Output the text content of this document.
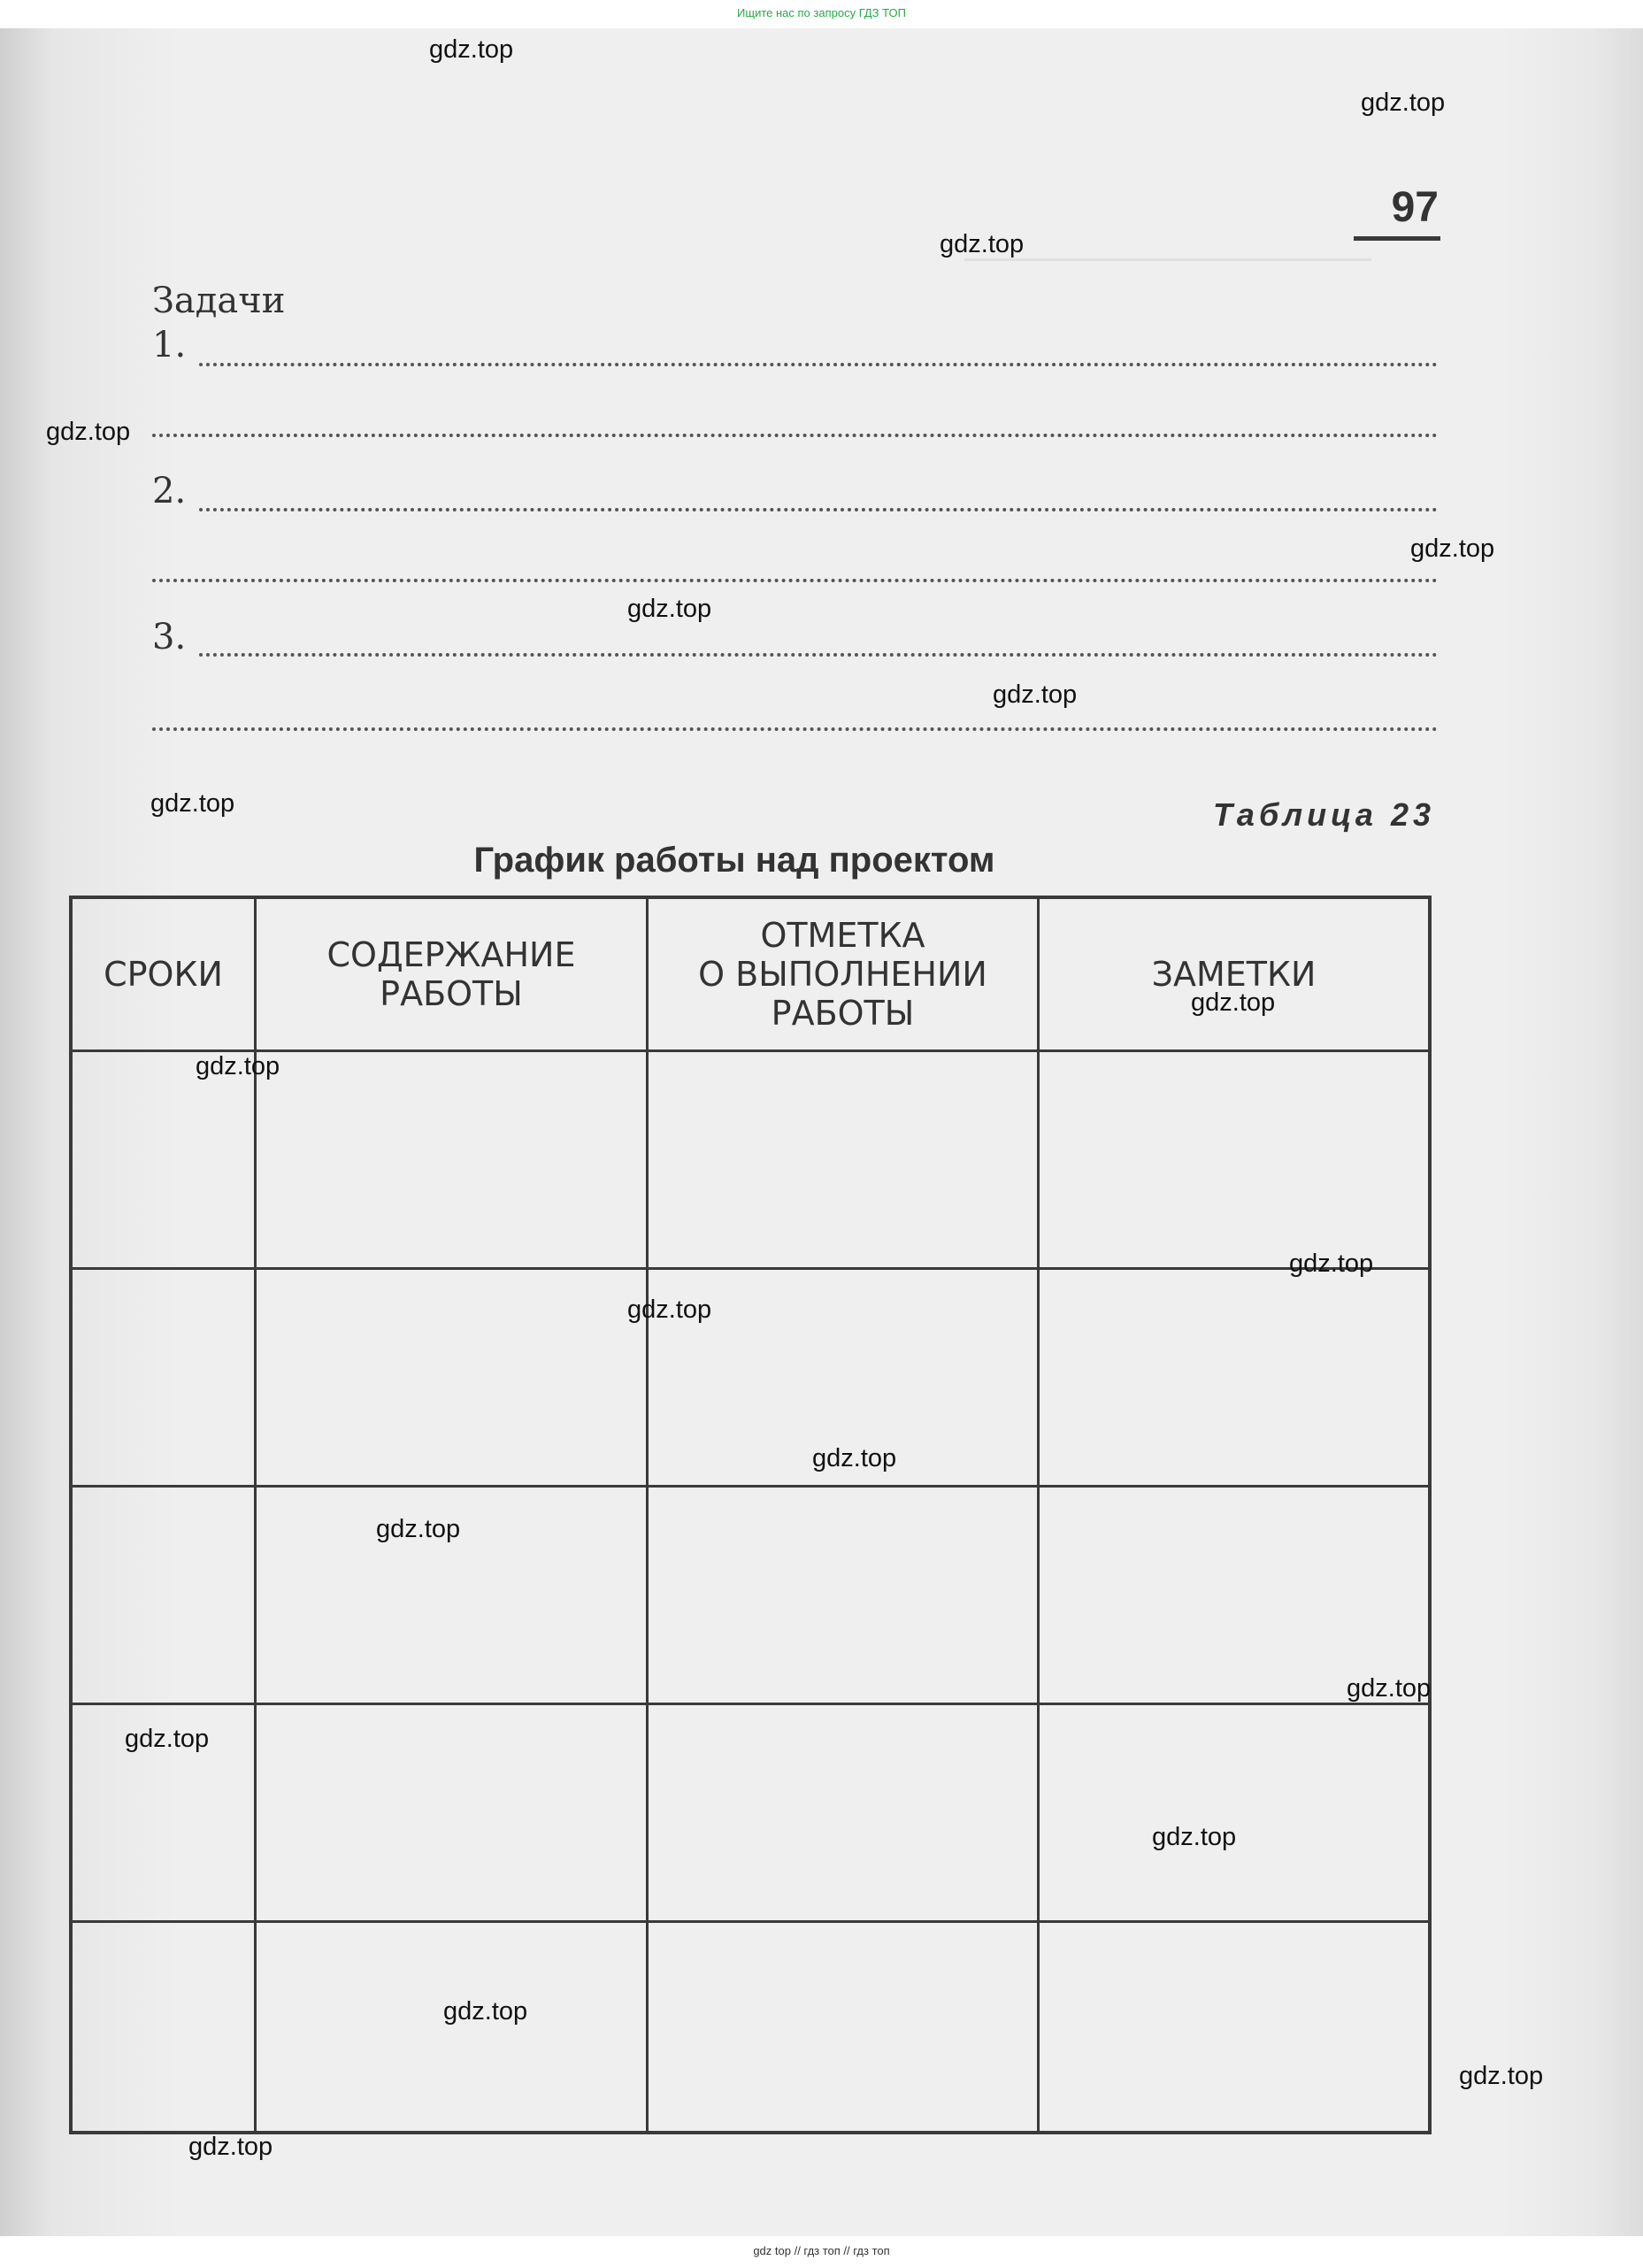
Ищите нас по запросу ГДЗ ТОП
97
Задачи
1.
2.
3.
Таблица 23
График работы над проектом
СРОКИ	СОДЕРЖАНИЕ
РАБОТЫ
ОТМЕТКА
О ВЫПОЛНЕНИИ
РАБОТЫ
ЗАМЕТКИ
gdz.top
gdz.top
gdz.top
gdz.top
gdz.top
gdz.top
gdz.top
gdz.top
gdz.top
gdz.top
gdz.top
gdz.top
gdz.top
gdz.top
gdz.top
gdz.top
gdz.top
gdz.top
gdz.top
gdz.top
gdz top // гдз топ // гдз топ
